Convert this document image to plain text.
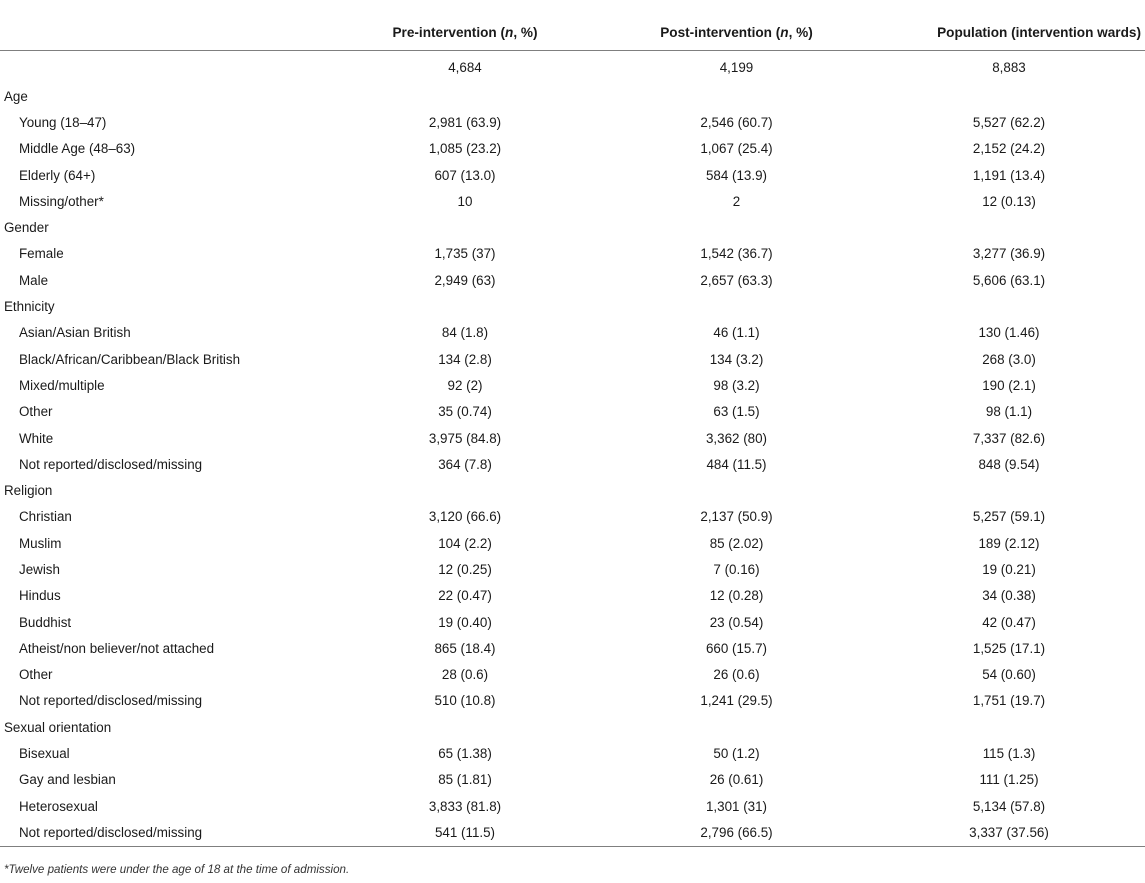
	Pre-intervention (n, %)	Post-intervention (n, %)	Population (intervention wards)
	4,684	4,199	8,883
Age			
Young (18–47)	2,981 (63.9)	2,546 (60.7)	5,527 (62.2)
Middle Age (48–63)	1,085 (23.2)	1,067 (25.4)	2,152 (24.2)
Elderly (64+)	607 (13.0)	584 (13.9)	1,191 (13.4)
Missing/other*	10	2	12 (0.13)
Gender			
Female	1,735 (37)	1,542 (36.7)	3,277 (36.9)
Male	2,949 (63)	2,657 (63.3)	5,606 (63.1)
Ethnicity			
Asian/Asian British	84 (1.8)	46 (1.1)	130 (1.46)
Black/African/Caribbean/Black British	134 (2.8)	134 (3.2)	268 (3.0)
Mixed/multiple	92 (2)	98 (3.2)	190 (2.1)
Other	35 (0.74)	63 (1.5)	98 (1.1)
White	3,975 (84.8)	3,362 (80)	7,337 (82.6)
Not reported/disclosed/missing	364 (7.8)	484 (11.5)	848 (9.54)
Religion			
Christian	3,120 (66.6)	2,137 (50.9)	5,257 (59.1)
Muslim	104 (2.2)	85 (2.02)	189 (2.12)
Jewish	12 (0.25)	7 (0.16)	19 (0.21)
Hindus	22 (0.47)	12 (0.28)	34 (0.38)
Buddhist	19 (0.40)	23 (0.54)	42 (0.47)
Atheist/non believer/not attached	865 (18.4)	660 (15.7)	1,525 (17.1)
Other	28 (0.6)	26 (0.6)	54 (0.60)
Not reported/disclosed/missing	510 (10.8)	1,241 (29.5)	1,751 (19.7)
Sexual orientation			
Bisexual	65 (1.38)	50 (1.2)	115 (1.3)
Gay and lesbian	85 (1.81)	26 (0.61)	111 (1.25)
Heterosexual	3,833 (81.8)	1,301 (31)	5,134 (57.8)
Not reported/disclosed/missing	541 (11.5)	2,796 (66.5)	3,337 (37.56)
*Twelve patients were under the age of 18 at the time of admission.
